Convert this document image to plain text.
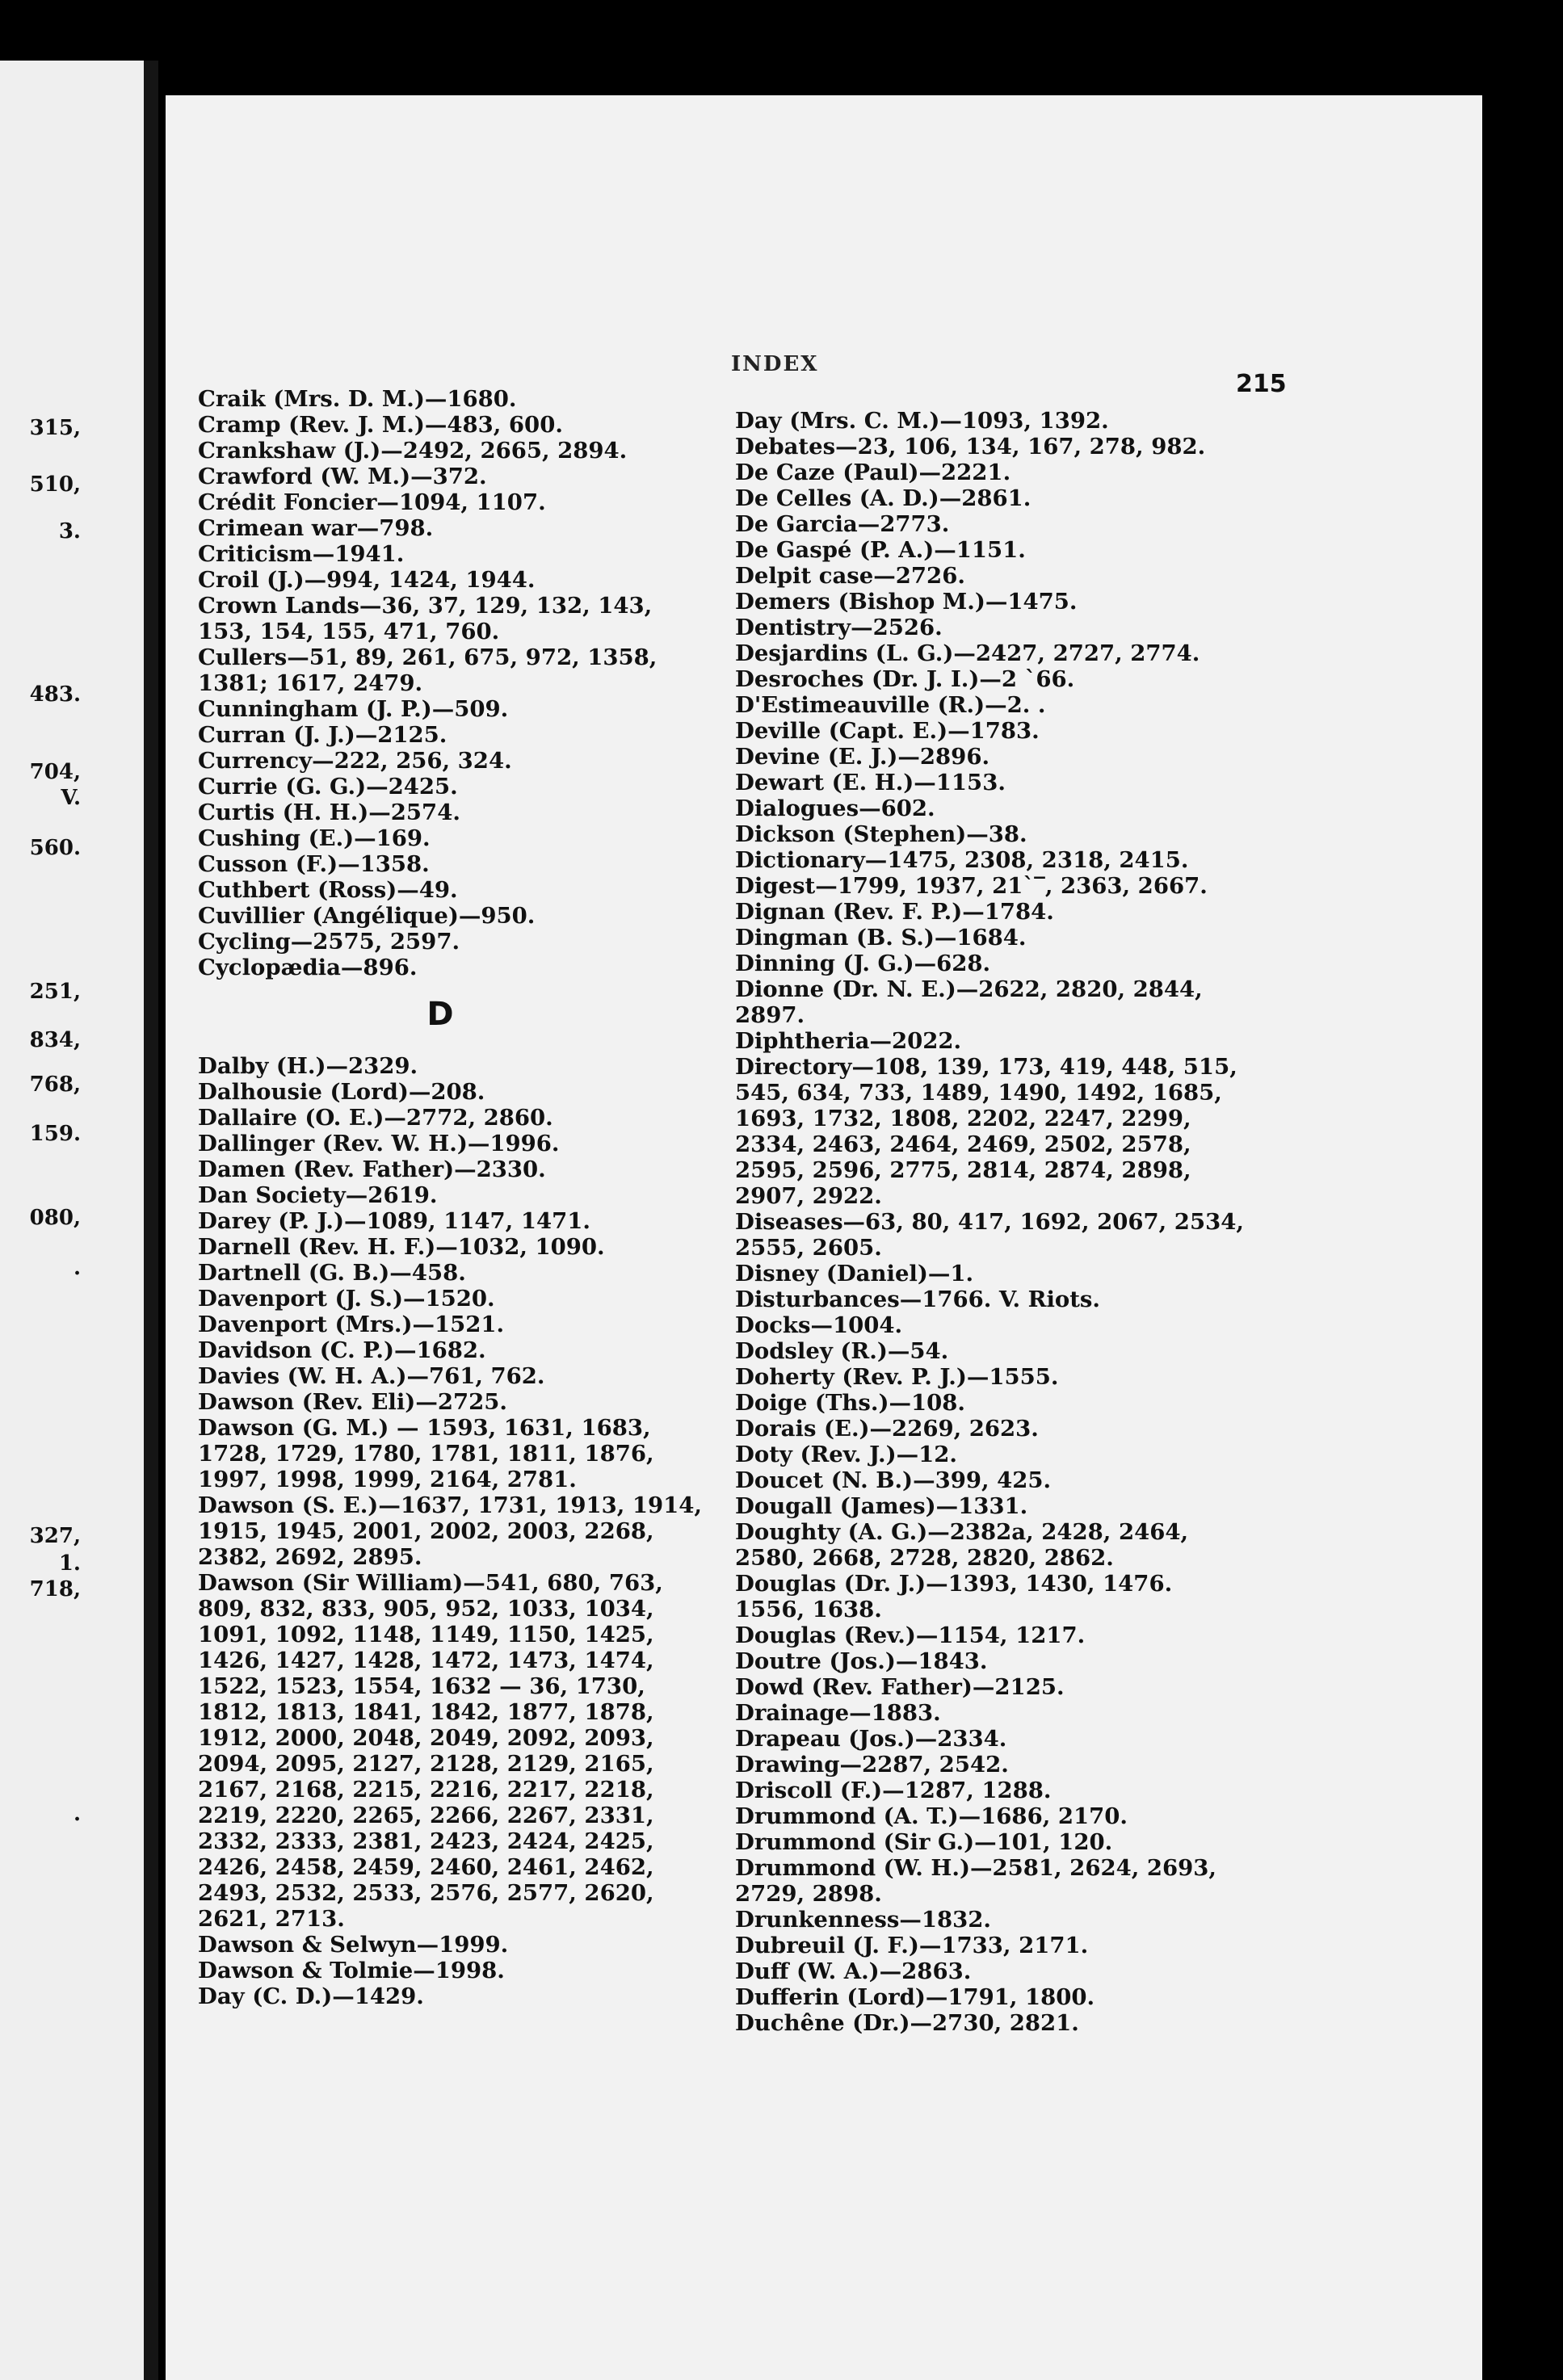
315,
510,
3.
483.
704,
V.
560.
251,
834,
768,
159.
080,
.
327,
1.
718,
.
INDEX
215
Craik (Mrs. D. M.)—1680.
Cramp (Rev. J. M.)—483, 600.
Crankshaw (J.)—2492, 2665, 2894.
Crawford (W. M.)—372.
Crédit Foncier—1094, 1107.
Crimean war—798.
Criticism—1941.
Croil (J.)—994, 1424, 1944.
Crown Lands—36, 37, 129, 132, 143,
153, 154, 155, 471, 760.
Cullers—51, 89, 261, 675, 972, 1358,
1381; 1617, 2479.
Cunningham (J. P.)—509.
Curran (J. J.)—2125.
Currency—222, 256, 324.
Currie (G. G.)—2425.
Curtis (H. H.)—2574.
Cushing (E.)—169.
Cusson (F.)—1358.
Cuthbert (Ross)—49.
Cuvillier (Angélique)—950.
Cycling—2575, 2597.
Cyclopædia—896.
D
Dalby (H.)—2329.
Dalhousie (Lord)—208.
Dallaire (O. E.)—2772, 2860.
Dallinger (Rev. W. H.)—1996.
Damen (Rev. Father)—2330.
Dan Society—2619.
Darey (P. J.)—1089, 1147, 1471.
Darnell (Rev. H. F.)—1032, 1090.
Dartnell (G. B.)—458.
Davenport (J. S.)—1520.
Davenport (Mrs.)—1521.
Davidson (C. P.)—1682.
Davies (W. H. A.)—761, 762.
Dawson (Rev. Eli)—2725.
Dawson (G. M.) — 1593, 1631, 1683,
1728, 1729, 1780, 1781, 1811, 1876,
1997, 1998, 1999, 2164, 2781.
Dawson (S. E.)—1637, 1731, 1913, 1914,
1915, 1945, 2001, 2002, 2003, 2268,
2382, 2692, 2895.
Dawson (Sir William)—541, 680, 763,
809, 832, 833, 905, 952, 1033, 1034,
1091, 1092, 1148, 1149, 1150, 1425,
1426, 1427, 1428, 1472, 1473, 1474,
1522, 1523, 1554, 1632 — 36, 1730,
1812, 1813, 1841, 1842, 1877, 1878,
1912, 2000, 2048, 2049, 2092, 2093,
2094, 2095, 2127, 2128, 2129, 2165,
2167, 2168, 2215, 2216, 2217, 2218,
2219, 2220, 2265, 2266, 2267, 2331,
2332, 2333, 2381, 2423, 2424, 2425,
2426, 2458, 2459, 2460, 2461, 2462,
2493, 2532, 2533, 2576, 2577, 2620,
2621, 2713.
Dawson & Selwyn—1999.
Dawson & Tolmie—1998.
Day (C. D.)—1429.
Day (Mrs. C. M.)—1093, 1392.
Debates—23, 106, 134, 167, 278, 982.
De Caze (Paul)—2221.
De Celles (A. D.)—2861.
De Garcia—2773.
De Gaspé (P. A.)—1151.
Delpit case—2726.
Demers (Bishop M.)—1475.
Dentistry—2526.
Desjardins (L. G.)—2427, 2727, 2774.
Desroches (Dr. J. I.)—2 `66.
D'Estimeauville (R.)—2. .
Deville (Capt. E.)—1783.
Devine (E. J.)—2896.
Dewart (E. H.)—1153.
Dialogues—602.
Dickson (Stephen)—38.
Dictionary—1475, 2308, 2318, 2415.
Digest—1799, 1937, 21`‾, 2363, 2667.
Dignan (Rev. F. P.)—1784.
Dingman (B. S.)—1684.
Dinning (J. G.)—628.
Dionne (Dr. N. E.)—2622, 2820, 2844,
2897.
Diphtheria—2022.
Directory—108, 139, 173, 419, 448, 515,
545, 634, 733, 1489, 1490, 1492, 1685,
1693, 1732, 1808, 2202, 2247, 2299,
2334, 2463, 2464, 2469, 2502, 2578,
2595, 2596, 2775, 2814, 2874, 2898,
2907, 2922.
Diseases—63, 80, 417, 1692, 2067, 2534,
2555, 2605.
Disney (Daniel)—1.
Disturbances—1766. V. Riots.
Docks—1004.
Dodsley (R.)—54.
Doherty (Rev. P. J.)—1555.
Doige (Ths.)—108.
Dorais (E.)—2269, 2623.
Doty (Rev. J.)—12.
Doucet (N. B.)—399, 425.
Dougall (James)—1331.
Doughty (A. G.)—2382a, 2428, 2464,
2580, 2668, 2728, 2820, 2862.
Douglas (Dr. J.)—1393, 1430, 1476.
1556, 1638.
Douglas (Rev.)—1154, 1217.
Doutre (Jos.)—1843.
Dowd (Rev. Father)—2125.
Drainage—1883.
Drapeau (Jos.)—2334.
Drawing—2287, 2542.
Driscoll (F.)—1287, 1288.
Drummond (A. T.)—1686, 2170.
Drummond (Sir G.)—101, 120.
Drummond (W. H.)—2581, 2624, 2693,
2729, 2898.
Drunkenness—1832.
Dubreuil (J. F.)—1733, 2171.
Duff (W. A.)—2863.
Dufferin (Lord)—1791, 1800.
Duchêne (Dr.)—2730, 2821.
